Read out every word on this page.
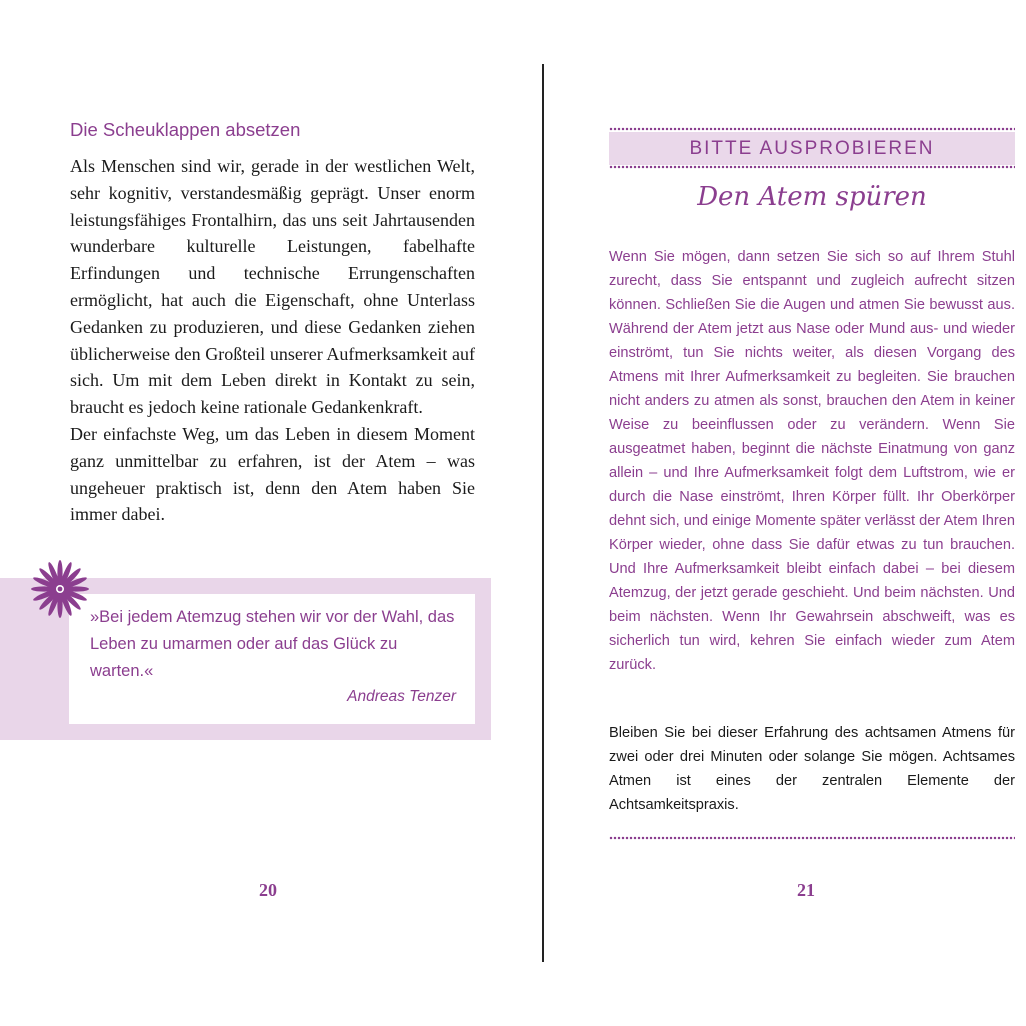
Die Scheuklappen absetzen

Als Menschen sind wir, gerade in der westlichen Welt, sehr kognitiv, verstandesmäßig geprägt. Unser enorm leistungsfähiges Frontalhirn, das uns seit Jahrtausenden wunderbare kulturelle Leistungen, fabelhafte Erfindungen und technische Errungenschaften ermöglicht, hat auch die Eigenschaft, ohne Unterlass Gedanken zu produzieren, und diese Gedanken ziehen üblicherweise den Großteil unserer Aufmerksamkeit auf sich. Um mit dem Leben direkt in Kontakt zu sein, braucht es jedoch keine rationale Gedankenkraft.

Der einfachste Weg, um das Leben in diesem Moment ganz unmittelbar zu erfahren, ist der Atem – was ungeheuer praktisch ist, denn den Atem haben Sie immer dabei.

»Bei jedem Atemzug stehen wir vor der Wahl, das Leben zu umarmen oder auf das Glück zu warten.«

Andreas Tenzer
20
BITTE AUSPROBIEREN
Den Atem spüren

Wenn Sie mögen, dann setzen Sie sich so auf Ihrem Stuhl zurecht, dass Sie entspannt und zugleich aufrecht sitzen können. Schließen Sie die Augen und atmen Sie bewusst aus. Während der Atem jetzt aus Nase oder Mund aus- und wieder einströmt, tun Sie nichts weiter, als diesen Vorgang des Atmens mit Ihrer Aufmerksamkeit zu begleiten. Sie brauchen nicht anders zu atmen als sonst, brauchen den Atem in keiner Weise zu beeinflussen oder zu verändern. Wenn Sie ausgeatmet haben, beginnt die nächste Einatmung von ganz allein – und Ihre Aufmerksamkeit folgt dem Luftstrom, wie er durch die Nase einströmt, Ihren Körper füllt. Ihr Oberkörper dehnt sich, und einige Momente später verlässt der Atem Ihren Körper wieder, ohne dass Sie dafür etwas zu tun brauchen. Und Ihre Aufmerksamkeit bleibt einfach dabei – bei diesem Atemzug, der jetzt gerade geschieht. Und beim nächsten. Und beim nächsten. Wenn Ihr Gewahrsein abschweift, was es sicherlich tun wird, kehren Sie einfach wieder zum Atem zurück.

Bleiben Sie bei dieser Erfahrung des achtsamen Atmens für zwei oder drei Minuten oder solange Sie mögen. Achtsames Atmen ist eines der zentralen Elemente der Achtsamkeitspraxis.

21
